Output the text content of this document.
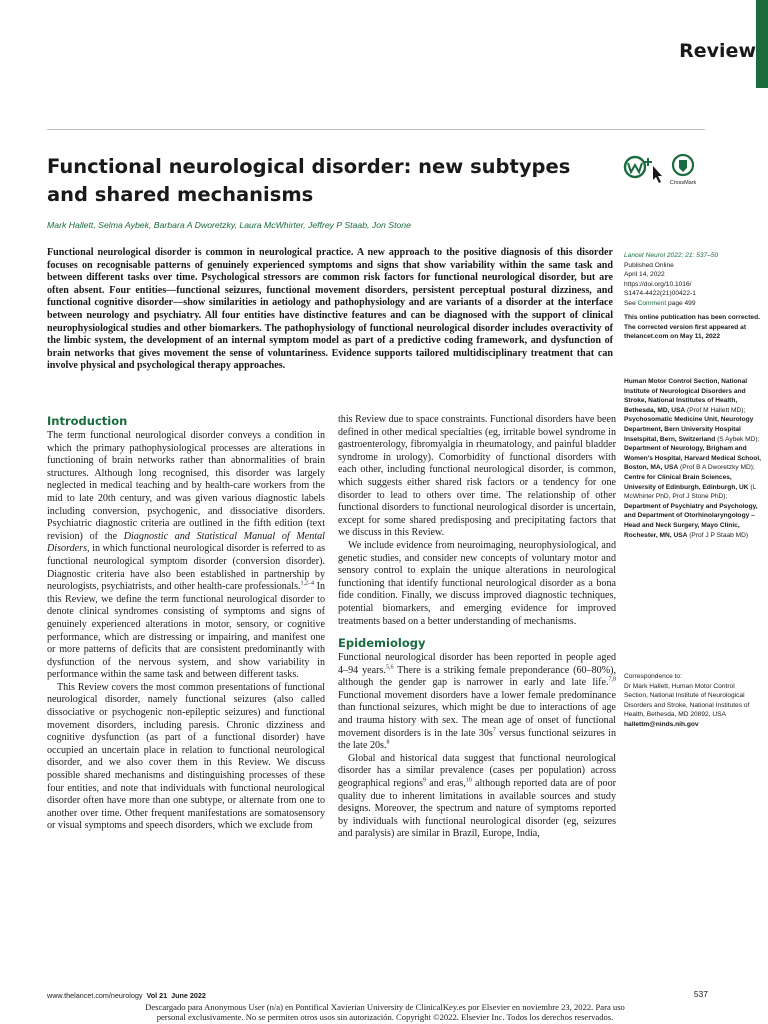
Review
Functional neurological disorder: new subtypes and shared mechanisms	CrossMark
Mark Hallett, Selma Aybek, Barbara A Dworetzky, Laura McWhirter, Jeffrey P Staab, Jon Stone

Functional neurological disorder is common in neurological practice. A new approach to the positive diagnosis of this disorder focuses on recognisable patterns of genuinely experienced symptoms and signs that show variability within the same task and between different tasks over time. Psychological stressors are common risk factors for functional neurological disorder, but are often absent. Four entities—functional seizures, functional movement disorders, persistent perceptual postural dizziness, and functional cognitive disorder—show similarities in aetiology and pathophysiology and are variants of a disorder at the interface between neurology and psychiatry. All four entities have distinctive features and can be diagnosed with the support of clinical neurophysiological studies and other biomarkers. The pathophysiology of functional neurological disorder includes overactivity of the limbic system, the development of an internal symptom model as part of a predictive coding framework, and dysfunction of brain networks that gives movement the sense of voluntariness. Evidence supports tailored multidisciplinary treatment that can involve physical and psychological therapy approaches.

Introduction

The term functional neurological disorder conveys a condition in which the primary pathophysiological processes are alterations in functioning of brain networks rather than abnormalities of brain structures. Although long recognised, this disorder was largely neglected in medical teaching and by health-care workers from the mid to late 20th century, and was given various diagnostic labels including conversion, psychogenic, and dissociative disorders. Psychiatric diagnostic criteria are outlined in the fifth edition (text revision) of the Diagnostic and Statistical Manual of Mental Disorders, in which functional neurological disorder is referred to as functional neurological symptom disorder (conversion disorder). Diagnostic criteria have also been established in partnership by neurologists, psychiatrists, and other health-care professionals.$^{1,2-4}$ In this Review, we define the term functional neurological disorder to denote clinical syndromes consisting of symptoms and signs of genuinely experienced alterations in motor, sensory, or cognitive performance, which are distressing or impairing, and manifest one or more patterns of deficits that are consistent predominantly with dysfunction of the nervous system, and show variability in performance within the same task and between different tasks.

This Review covers the most common presentations of functional neurological disorder, namely functional seizures (also called dissociative or psychogenic non-epileptic seizures) and functional movement disorders, including paresis. Chronic dizziness and cognitive dysfunction (as part of a functional disorder) have occupied an uncertain place in relation to functional neurological disorder, and we also cover them in this Review. We discuss possible shared mechanisms and distinguishing processes of these four entities, and note that individuals with functional neurological disorder often have more than one subtype, or alternate from one to another over time. Other frequent manifestations are somatosensory or visual symptoms and speech disorders, which we exclude from

this Review due to space constraints. Functional disorders have been defined in other medical specialties (eg, irritable bowel syndrome in gastroenterology, fibromyalgia in rheumatology, and painful bladder syndrome in urology). Comorbidity of functional disorders with each other, including functional neurological disorder, is common, which suggests either shared risk factors or a tendency for one disorder to lead to others over time. The relationship of other functional disorders to functional neurological disorder is uncertain, except for some shared predisposing and precipitating factors that we discuss in this Review.

We include evidence from neuroimaging, neurophysiological, and genetic studies, and consider new concepts of voluntary motor and sensory control to explain the unique alterations in neurological functioning that identify functional neurological disorder as a bona fide condition. Finally, we discuss improved diagnostic techniques, potential biomarkers, and emerging evidence for improved treatments based on a better understanding of mechanisms.

Epidemiology

Functional neurological disorder has been reported in people aged 4–94 years.$^{5,6}$ There is a striking female preponderance (60–80%), although the gender gap is narrower in early and late life.$^{7,8}$ Functional movement disorders have a lower female predominance than functional seizures, which might be due to interactions of age and trauma history with sex. The mean age of onset of functional movement disorders is in the late $30s^7$ versus functional seizures in the late 20s.$^8$

Global and historical data suggest that functional neurological disorder has a similar prevalence (cases per population) across geographical regions$^9$ and eras,$^{10}$ although reported data are of poor quality due to inherent limitations in available sources and study designs. Moreover, the spectrum and nature of symptoms reported by individuals with functional neurological disorder (eg, seizures and paralysis) are similar in Brazil, Europe, India,

Lancet Neurol 2022; 21: 537–50

Published Online

April 14, 2022

https://doi.org/10.1016/

S1474-4422(21)00422-1

See Comment page 499

This online publication has been corrected. The corrected version first appeared at thelancet.com on May 11, 2022

Human Motor Control Section, National Institute of Neurological Disorders and Stroke, National Institutes of Health, Bethesda, MD, USA (Prof M Hallett MD); Psychosomatic Medicine Unit, Neurology Department, Bern University Hospital Inselspital, Bern, Switzerland (S Aybek MD); Department of Neurology, Brigham and Women's Hospital, Harvard Medical School, Boston, MA, USA (Prof B A Dworetzky MD); Centre for Clinical Brain Sciences, University of Edinburgh, Edinburgh, UK (L McWhirter PhD, Prof J Stone PhD); Department of Psychiatry and Psychology, and Department of Otorhinolaryngology – Head and Neck Surgery, Mayo Clinic, Rochester, MN, USA (Prof J P Staab MD)

Correspondence to:

Dr Mark Hallett, Human Motor Control Section, National Institute of Neurological Disorders and Stroke, National Institutes of Health, Bethesda, MD 20892, USA

hallettm@ninds.nih.gov

www.thelancet.com/neurology Vol 21 June 2022	537
Descargado para Anonymous User (n/a) en Pontifical Xavierian University de ClinicalKey.es por Elsevier en noviembre 23, 2022. Para uso
personal exclusivamente. No se permiten otros usos sin autorización. Copyright ©2022. Elsevier Inc. Todos los derechos reservados.
